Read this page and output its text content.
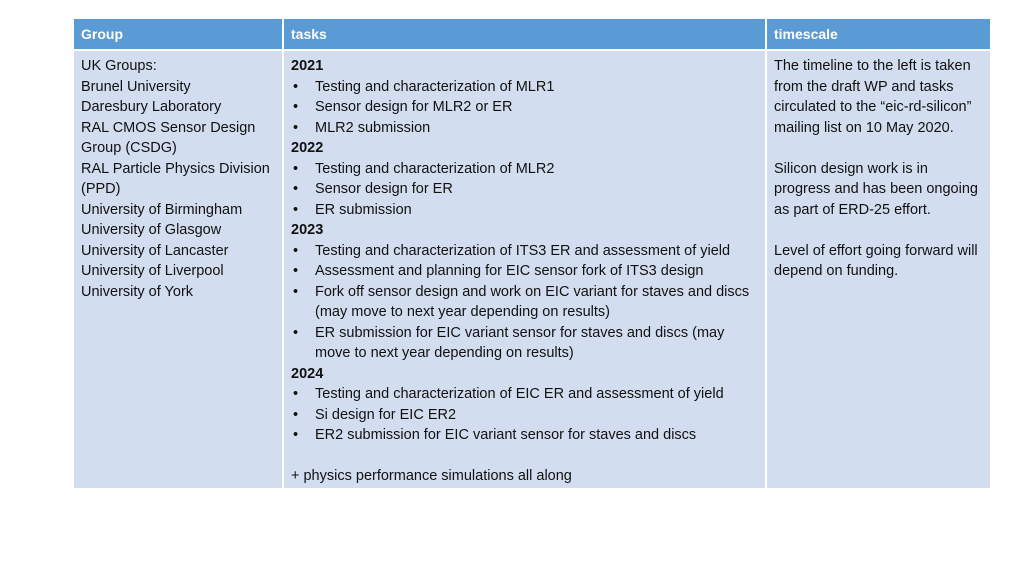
Group	tasks	timescale
UK Groups:
Brunel University
Daresbury Laboratory
RAL CMOS Sensor Design
Group (CSDG)
RAL Particle Physics Division
(PPD)
University of Birmingham
University of Glasgow
University of Lancaster
University of Liverpool
University of York
2021
• Testing and characterization of MLR1
• Sensor design for MLR2 or ER
• MLR2 submission
2022
• Testing and characterization of MLR2
• Sensor design for ER
• ER submission
2023
• Testing and characterization of ITS3 ER and assessment of yield
• Assessment and planning for EIC sensor fork of ITS3 design
• Fork off sensor design and work on EIC variant for staves and discs (may move to next year depending on results)
• ER submission for EIC variant sensor for staves and discs (may move to next year depending on results)
2024
• Testing and characterization of EIC ER and assessment of yield
• Si design for EIC ER2
• ER2 submission for EIC variant sensor for staves and discs
+ physics performance simulations all along

The timeline to the left is taken from the draft WP and tasks circulated to the “eic-rd-silicon” mailing list on 10 May 2020.

Silicon design work is in progress and has been ongoing as part of ERD-25 effort.

Level of effort going forward will depend on funding.
